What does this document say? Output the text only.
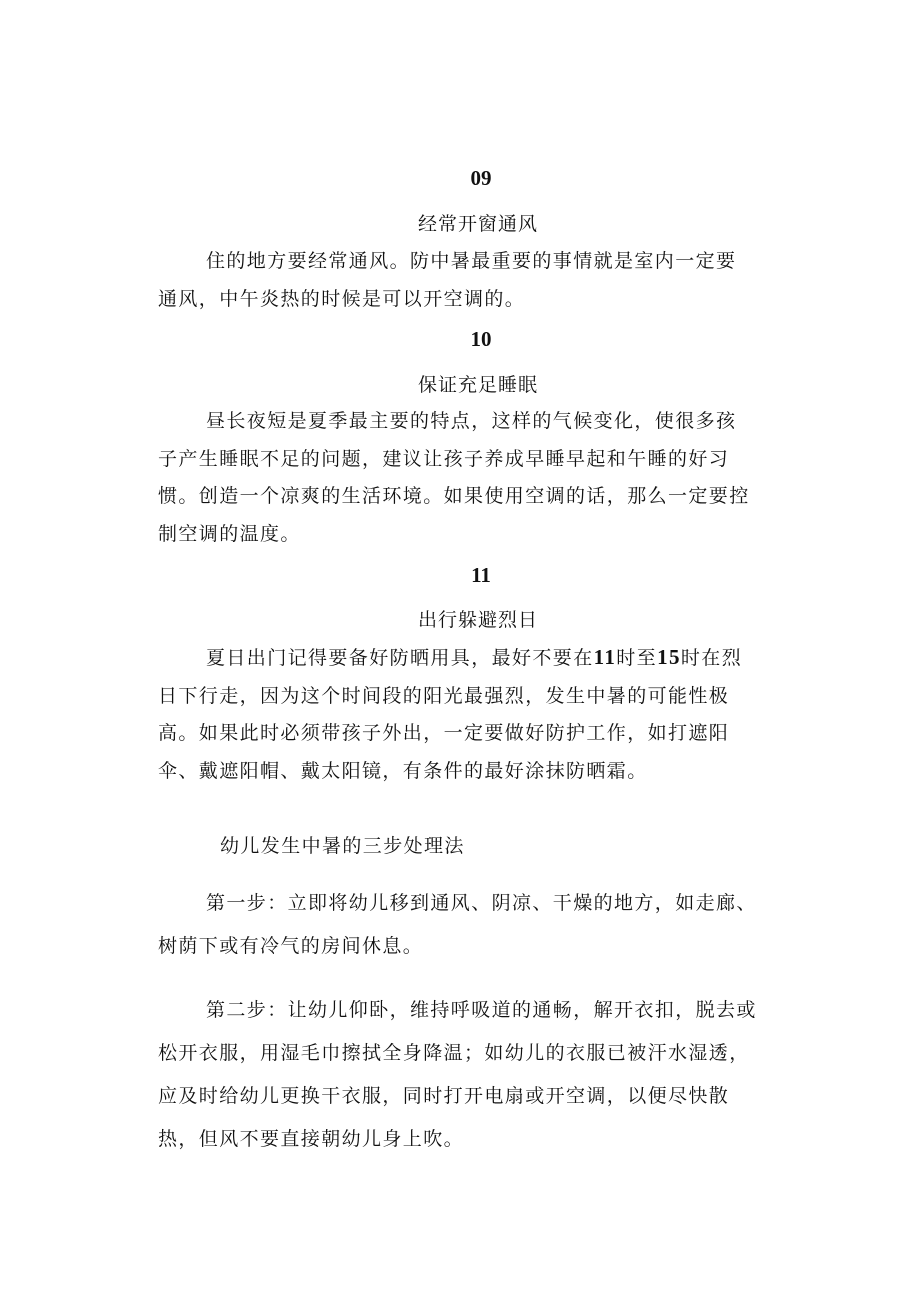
09
经常开窗通风

住的地方要经常通风。防中暑最重要的事情就是室内一定要通风，中午炎热的时候是可以开空调的。

10
保证充足睡眠

昼长夜短是夏季最主要的特点，这样的气候变化，使很多孩子产生睡眠不足的问题，建议让孩子养成早睡早起和午睡的好习惯。创造一个凉爽的生活环境。如果使用空调的话，那么一定要控制空调的温度。

11
出行躲避烈日

夏日出门记得要备好防晒用具，最好不要在11时至15时在烈日下行走，因为这个时间段的阳光最强烈，发生中暑的可能性极高。如果此时必须带孩子外出，一定要做好防护工作，如打遮阳伞、戴遮阳帽、戴太阳镜，有条件的最好涂抹防晒霜。

幼儿发生中暑的三步处理法

第一步：立即将幼儿移到通风、阴凉、干燥的地方，如走廊、树荫下或有冷气的房间休息。

第二步：让幼儿仰卧，维持呼吸道的通畅，解开衣扣，脱去或松开衣服，用湿毛巾擦拭全身降温；如幼儿的衣服已被汗水湿透，应及时给幼儿更换干衣服，同时打开电扇或开空调，以便尽快散热，但风不要直接朝幼儿身上吹。
